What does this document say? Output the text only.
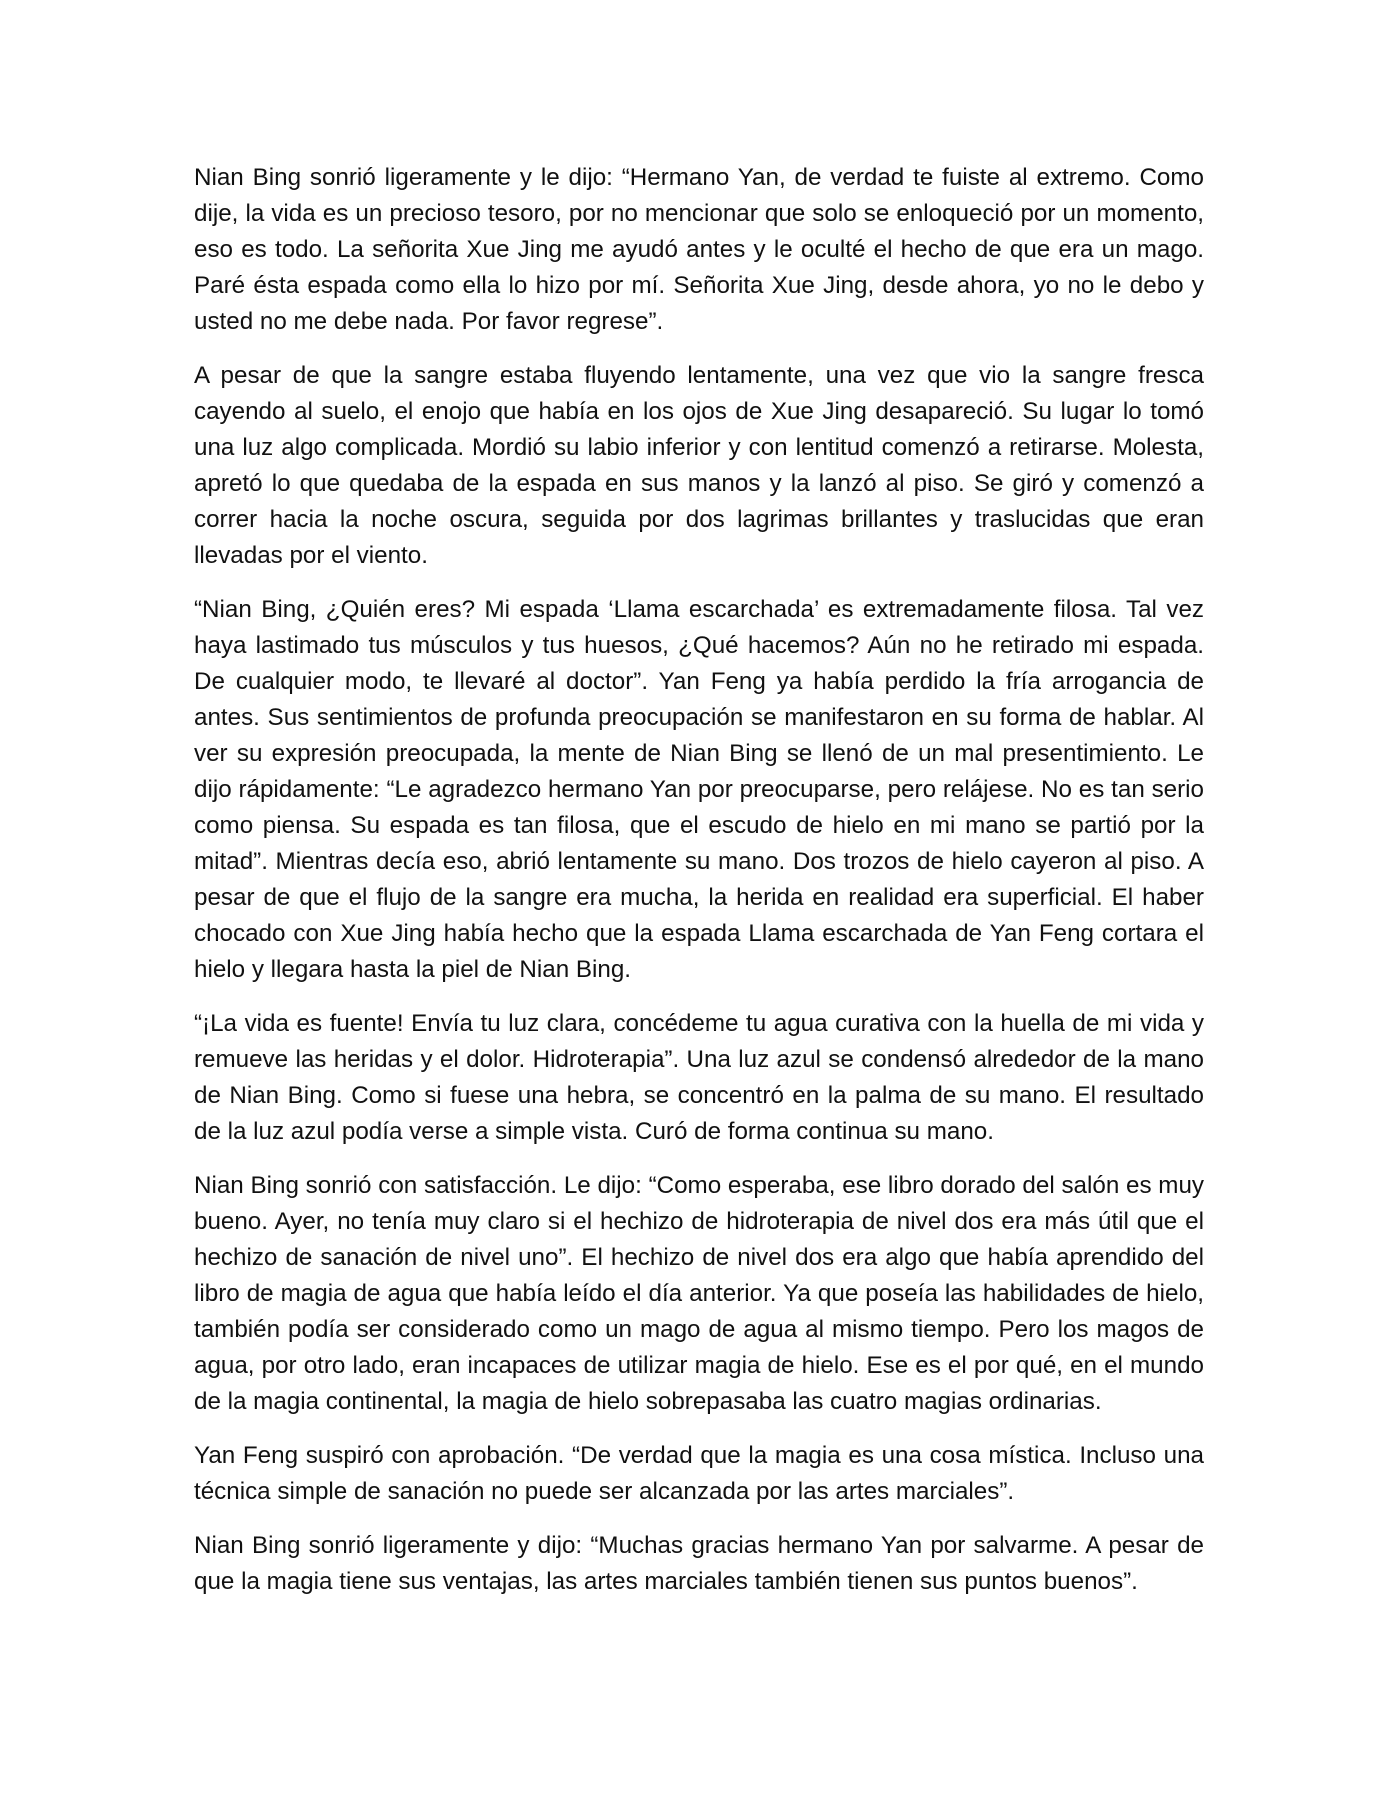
Nian Bing sonrió ligeramente y le dijo: “Hermano Yan, de verdad te fuiste al extremo. Como dije, la vida es un precioso tesoro, por no mencionar que solo se enloqueció por un momento, eso es todo. La señorita Xue Jing me ayudó antes y le oculté el hecho de que era un mago. Paré ésta espada como ella lo hizo por mí. Señorita Xue Jing, desde ahora, yo no le debo y usted no me debe nada. Por favor regrese”.

A pesar de que la sangre estaba fluyendo lentamente, una vez que vio la sangre fresca cayendo al suelo, el enojo que había en los ojos de Xue Jing desapareció. Su lugar lo tomó una luz algo complicada. Mordió su labio inferior y con lentitud comenzó a retirarse. Molesta, apretó lo que quedaba de la espada en sus manos y la lanzó al piso. Se giró y comenzó a correr hacia la noche oscura, seguida por dos lagrimas brillantes y traslucidas que eran llevadas por el viento.

“Nian Bing, ¿Quién eres? Mi espada ‘Llama escarchada’ es extremadamente filosa. Tal vez haya lastimado tus músculos y tus huesos, ¿Qué hacemos? Aún no he retirado mi espada. De cualquier modo, te llevaré al doctor”. Yan Feng ya había perdido la fría arrogancia de antes. Sus sentimientos de profunda preocupación se manifestaron en su forma de hablar. Al ver su expresión preocupada, la mente de Nian Bing se llenó de un mal presentimiento. Le dijo rápidamente: “Le agradezco hermano Yan por preocuparse, pero relájese. No es tan serio como piensa. Su espada es tan filosa, que el escudo de hielo en mi mano se partió por la mitad”. Mientras decía eso, abrió lentamente su mano. Dos trozos de hielo cayeron al piso. A pesar de que el flujo de la sangre era mucha, la herida en realidad era superficial. El haber chocado con Xue Jing había hecho que la espada Llama escarchada de Yan Feng cortara el hielo y llegara hasta la piel de Nian Bing.

“¡La vida es fuente! Envía tu luz clara, concédeme tu agua curativa con la huella de mi vida y remueve las heridas y el dolor. Hidroterapia”. Una luz azul se condensó alrededor de la mano de Nian Bing. Como si fuese una hebra, se concentró en la palma de su mano. El resultado de la luz azul podía verse a simple vista. Curó de forma continua su mano.

Nian Bing sonrió con satisfacción. Le dijo: “Como esperaba, ese libro dorado del salón es muy bueno. Ayer, no tenía muy claro si el hechizo de hidroterapia de nivel dos era más útil que el hechizo de sanación de nivel uno”. El hechizo de nivel dos era algo que había aprendido del libro de magia de agua que había leído el día anterior. Ya que poseía las habilidades de hielo, también podía ser considerado como un mago de agua al mismo tiempo. Pero los magos de agua, por otro lado, eran incapaces de utilizar magia de hielo. Ese es el por qué, en el mundo de la magia continental, la magia de hielo sobrepasaba las cuatro magias ordinarias.

Yan Feng suspiró con aprobación. “De verdad que la magia es una cosa mística. Incluso una técnica simple de sanación no puede ser alcanzada por las artes marciales”.

Nian Bing sonrió ligeramente y dijo: “Muchas gracias hermano Yan por salvarme. A pesar de que la magia tiene sus ventajas, las artes marciales también tienen sus puntos buenos”.
